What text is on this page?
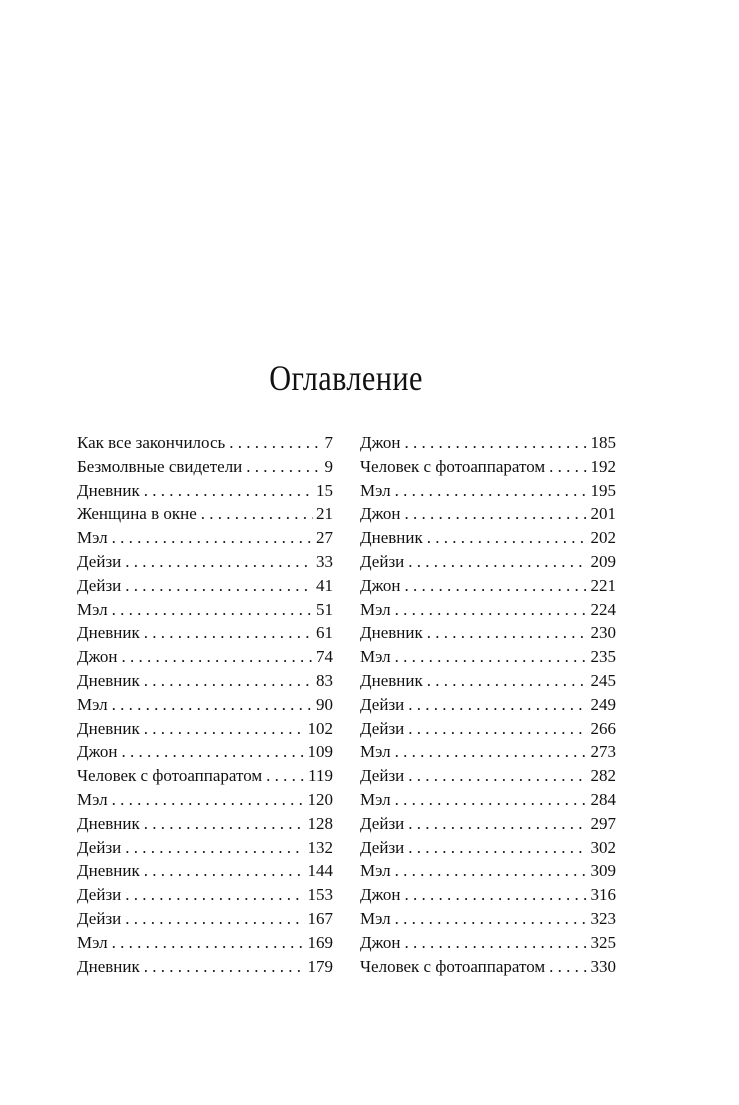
Оглавление
Как все закончилось . . .	7
Безмолвные свидетели . . .	9
Дневник . . .	15
Женщина в окне . . .	21
Мэл . . .	27
Дейзи . . .	33
Дейзи . . .	41
Мэл . . .	51
Дневник . . .	61
Джон . . .	74
Дневник . . .	83
Мэл . . .	90
Дневник . . .	102
Джон . . .	109
Человек с фотоаппаратом . . .	119
Мэл . . .	120
Дневник . . .	128
Дейзи . . .	132
Дневник . . .	144
Дейзи . . .	153
Дейзи . . .	167
Мэл . . .	169
Дневник . . .	179
Джон . . .	185
Человек с фотоаппаратом . . .	192
Мэл . . .	195
Джон . . .	201
Дневник . . .	202
Дейзи . . .	209
Джон . . .	221
Мэл . . .	224
Дневник . . .	230
Мэл . . .	235
Дневник . . .	245
Дейзи . . .	249
Дейзи . . .	266
Мэл . . .	273
Дейзи . . .	282
Мэл . . .	284
Дейзи . . .	297
Дейзи . . .	302
Мэл . . .	309
Джон . . .	316
Мэл . . .	323
Джон . . .	325
Человек с фотоаппаратом . . .	330
